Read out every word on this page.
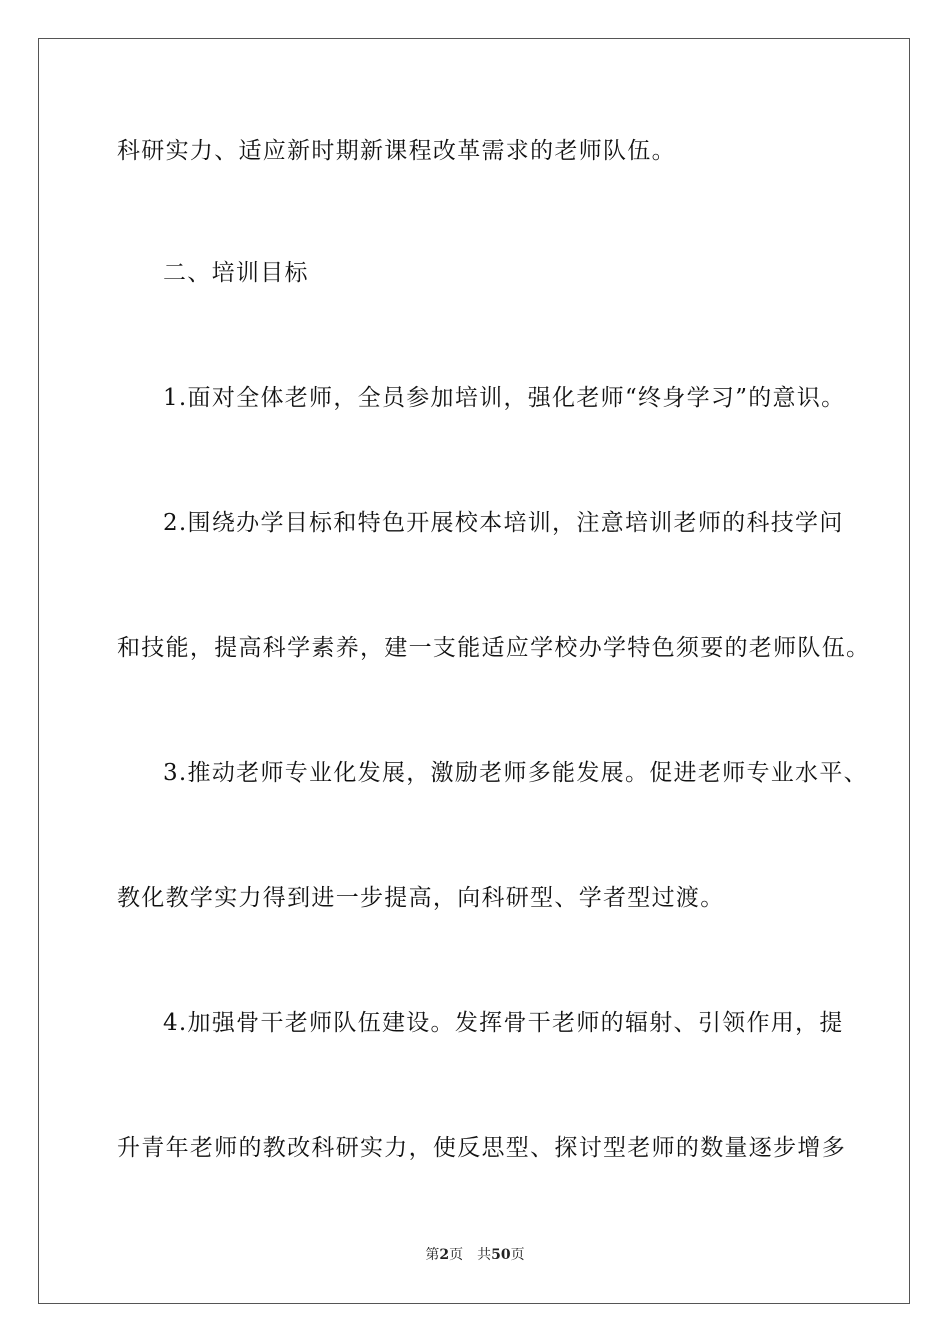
科研实力、适应新时期新课程改革需求的老师队伍。
二、培训目标
1.面对全体老师，全员参加培训，强化老师“终身学习”的意识。
2.围绕办学目标和特色开展校本培训，注意培训老师的科技学问
和技能，提高科学素养，建一支能适应学校办学特色须要的老师队伍。
3.推动老师专业化发展，激励老师多能发展。促进老师专业水平、
教化教学实力得到进一步提高，向科研型、学者型过渡。
4.加强骨干老师队伍建设。发挥骨干老师的辐射、引领作用，提
升青年老师的教改科研实力，使反思型、探讨型老师的数量逐步增多
第2页 共50页
